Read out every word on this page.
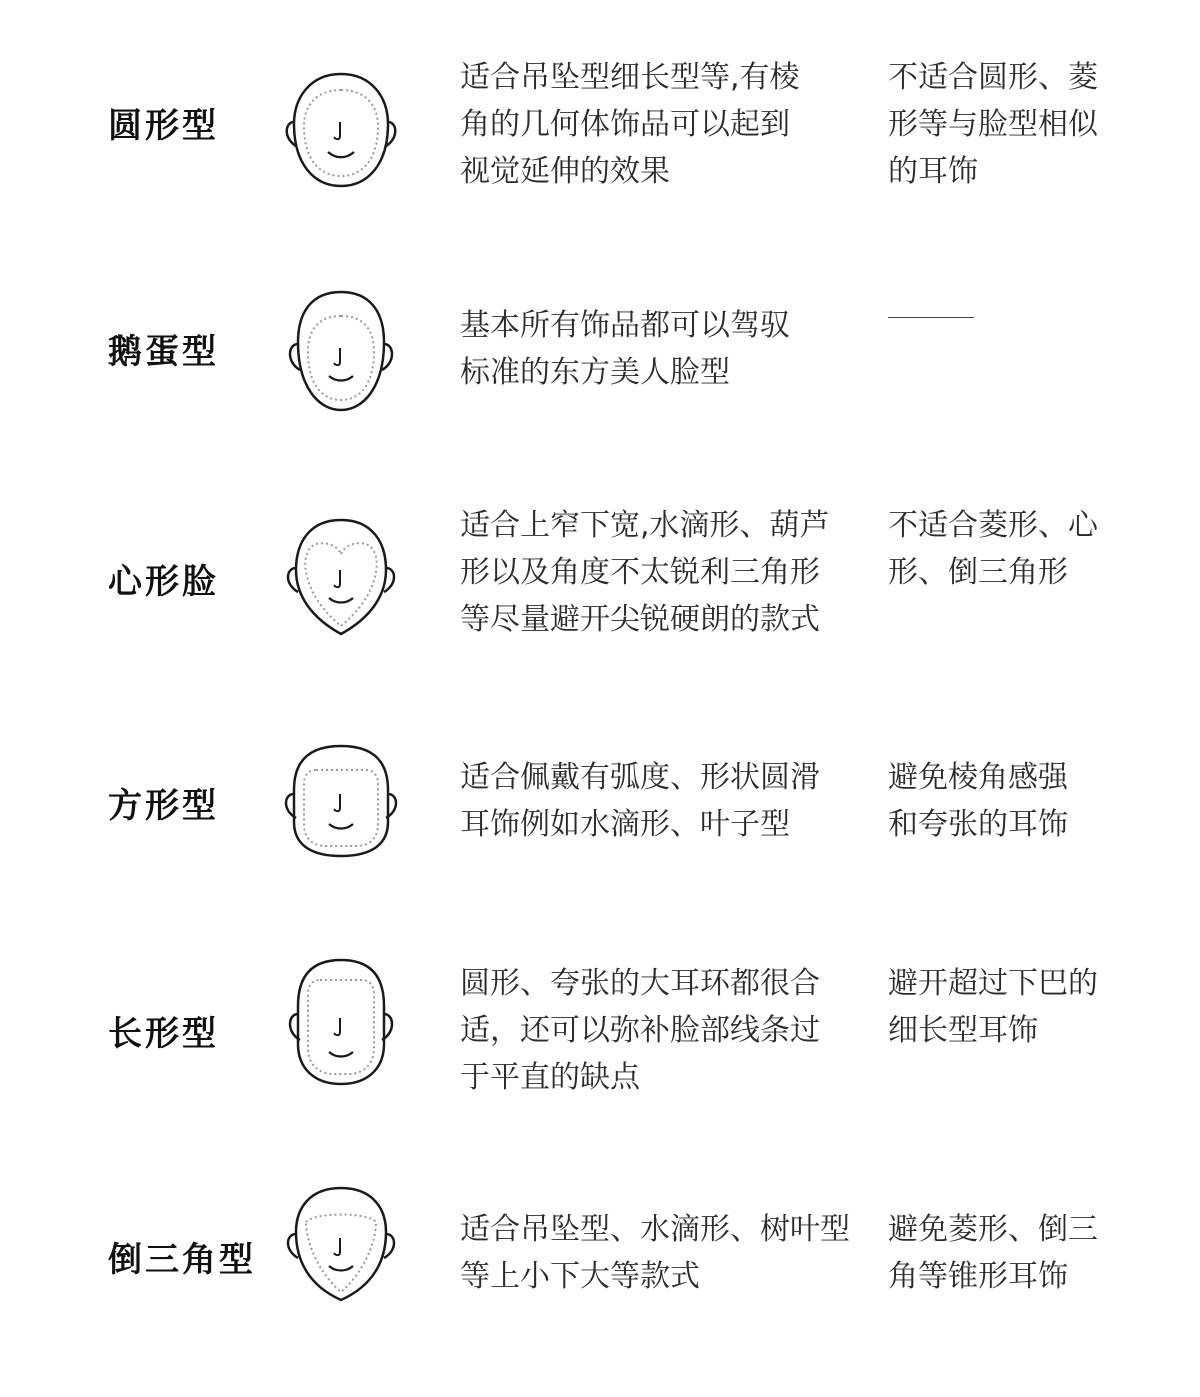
圆形型
适合吊坠型细长型等,有棱
角的几何体饰品可以起到
视觉延伸的效果
不适合圆形、菱
形等与脸型相似
的耳饰
鹅蛋型
基本所有饰品都可以驾驭
标准的东方美人脸型
心形脸
适合上窄下宽,水滴形、葫芦
形以及角度不太锐利三角形
等尽量避开尖锐硬朗的款式
不适合菱形、心
形、倒三角形
方形型
适合佩戴有弧度、形状圆滑
耳饰例如水滴形、叶子型
避免棱角感强
和夸张的耳饰
长形型
圆形、夸张的大耳环都很合
适，还可以弥补脸部线条过
于平直的缺点
避开超过下巴的
细长型耳饰
倒三角型
适合吊坠型、水滴形、树叶型
等上小下大等款式
避免菱形、倒三
角等锥形耳饰
